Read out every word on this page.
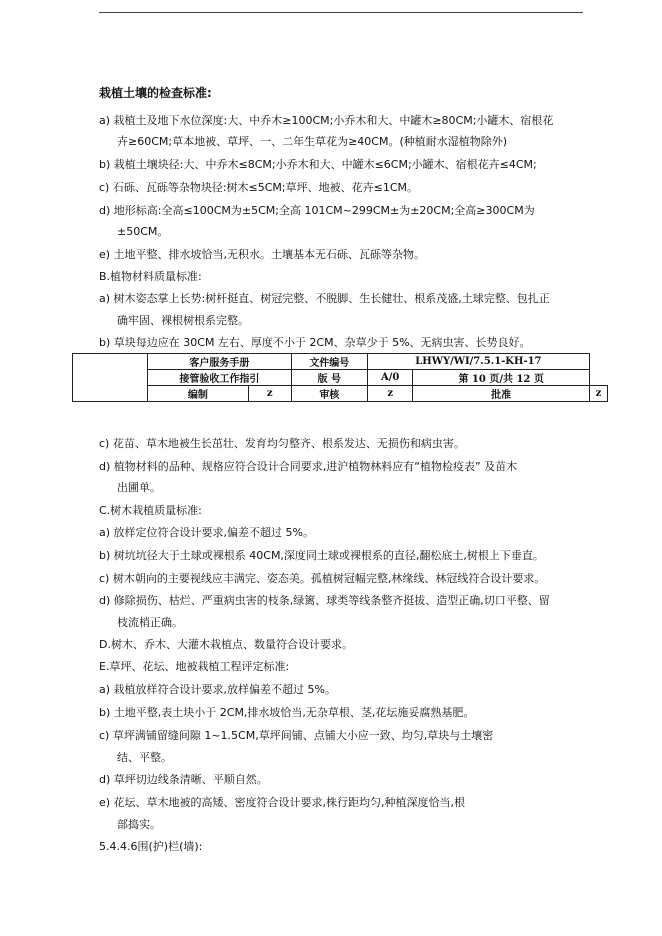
栽植土壤的检查标准:
a) 栽植土及地下水位深度:大、中乔木≥100CM;小乔木和大、中罐木≥80CM;小罐木、宿根花
卉≥60CM;草本地被、草坪、一、二年生草花为≥40CM。(种植耐水湿植物除外)
b) 栽植土壤块径:大、中乔木≤8CM;小乔木和大、中罐木≤6CM;小罐木、宿根花卉≤4CM;
c) 石砾、瓦砾等杂物块径:树木≤5CM;草坪、地被、花卉≤1CM。
d) 地形标高:全高≤100CM为±5CM;全高 101CM~299CM±为±20CM;全高≥300CM为
±50CM。
e) 土地平整、排水坡恰当,无积水。土壤基本无石砾、瓦砾等杂物。
B.植物材料质量标准:
a) 树木姿态掌上长势:树杆挺直、树冠完整、不脱脚、生长健壮、根系茂盛,土球完整、包扎正
确牢固、裸根树根系完整。
b) 草块每边应在 30CM 左右、厚度不小于 2CM、杂草少于 5%、无病虫害、长势良好。
	客户服务手册		文件编号	LHWY/WI/7.5.1-KH-17		
	接管验收工作指引		版 号	A/0	第 10 页/共 12 页	
	编制	z	审核	z	批准	z
c) 花苗、草木地被生长茁壮、发育均匀整齐、根系发达、无损伤和病虫害。
d) 植物材料的品种、规格应符合设计合同要求,进沪植物林料应有“植物检疫表” 及苗木
出圃单。
C.树木栽植质量标准:
a) 放样定位符合设计要求,偏差不超过 5%。
b) 树坑坑径大于土球或裸根系 40CM,深度同土球或裸根系的直径,翻松底土,树根上下垂直。
c) 树木朝向的主要视线应丰满完、姿态美。孤植树冠幅完整,林缘线、林冠线符合设计要求。
d) 修除损伤、枯烂、严重病虫害的枝条,绿篱、球类等线条整齐挺拔、造型正确,切口平整、留
枝流梢正确。
D.树木、乔木、大灌木栽植点、数量符合设计要求。
E.草坪、花坛、地被栽植工程评定标准:
a) 栽植放样符合设计要求,放样偏差不超过 5%。
b) 土地平整,表土块小于 2CM,排水坡恰当,无杂草根、茎,花坛施妥腐熟基肥。
c) 草坪满铺留缝间隙 1~1.5CM,草坪间铺、点铺大小应一致、均匀,草块与土壤密
结、平整。
d) 草坪切边线条清晰、平顺自然。
e) 花坛、草木地被的高矮、密度符合设计要求,株行距均匀,种植深度恰当,根
部捣实。
5.4.4.6围(护)栏(墙):
